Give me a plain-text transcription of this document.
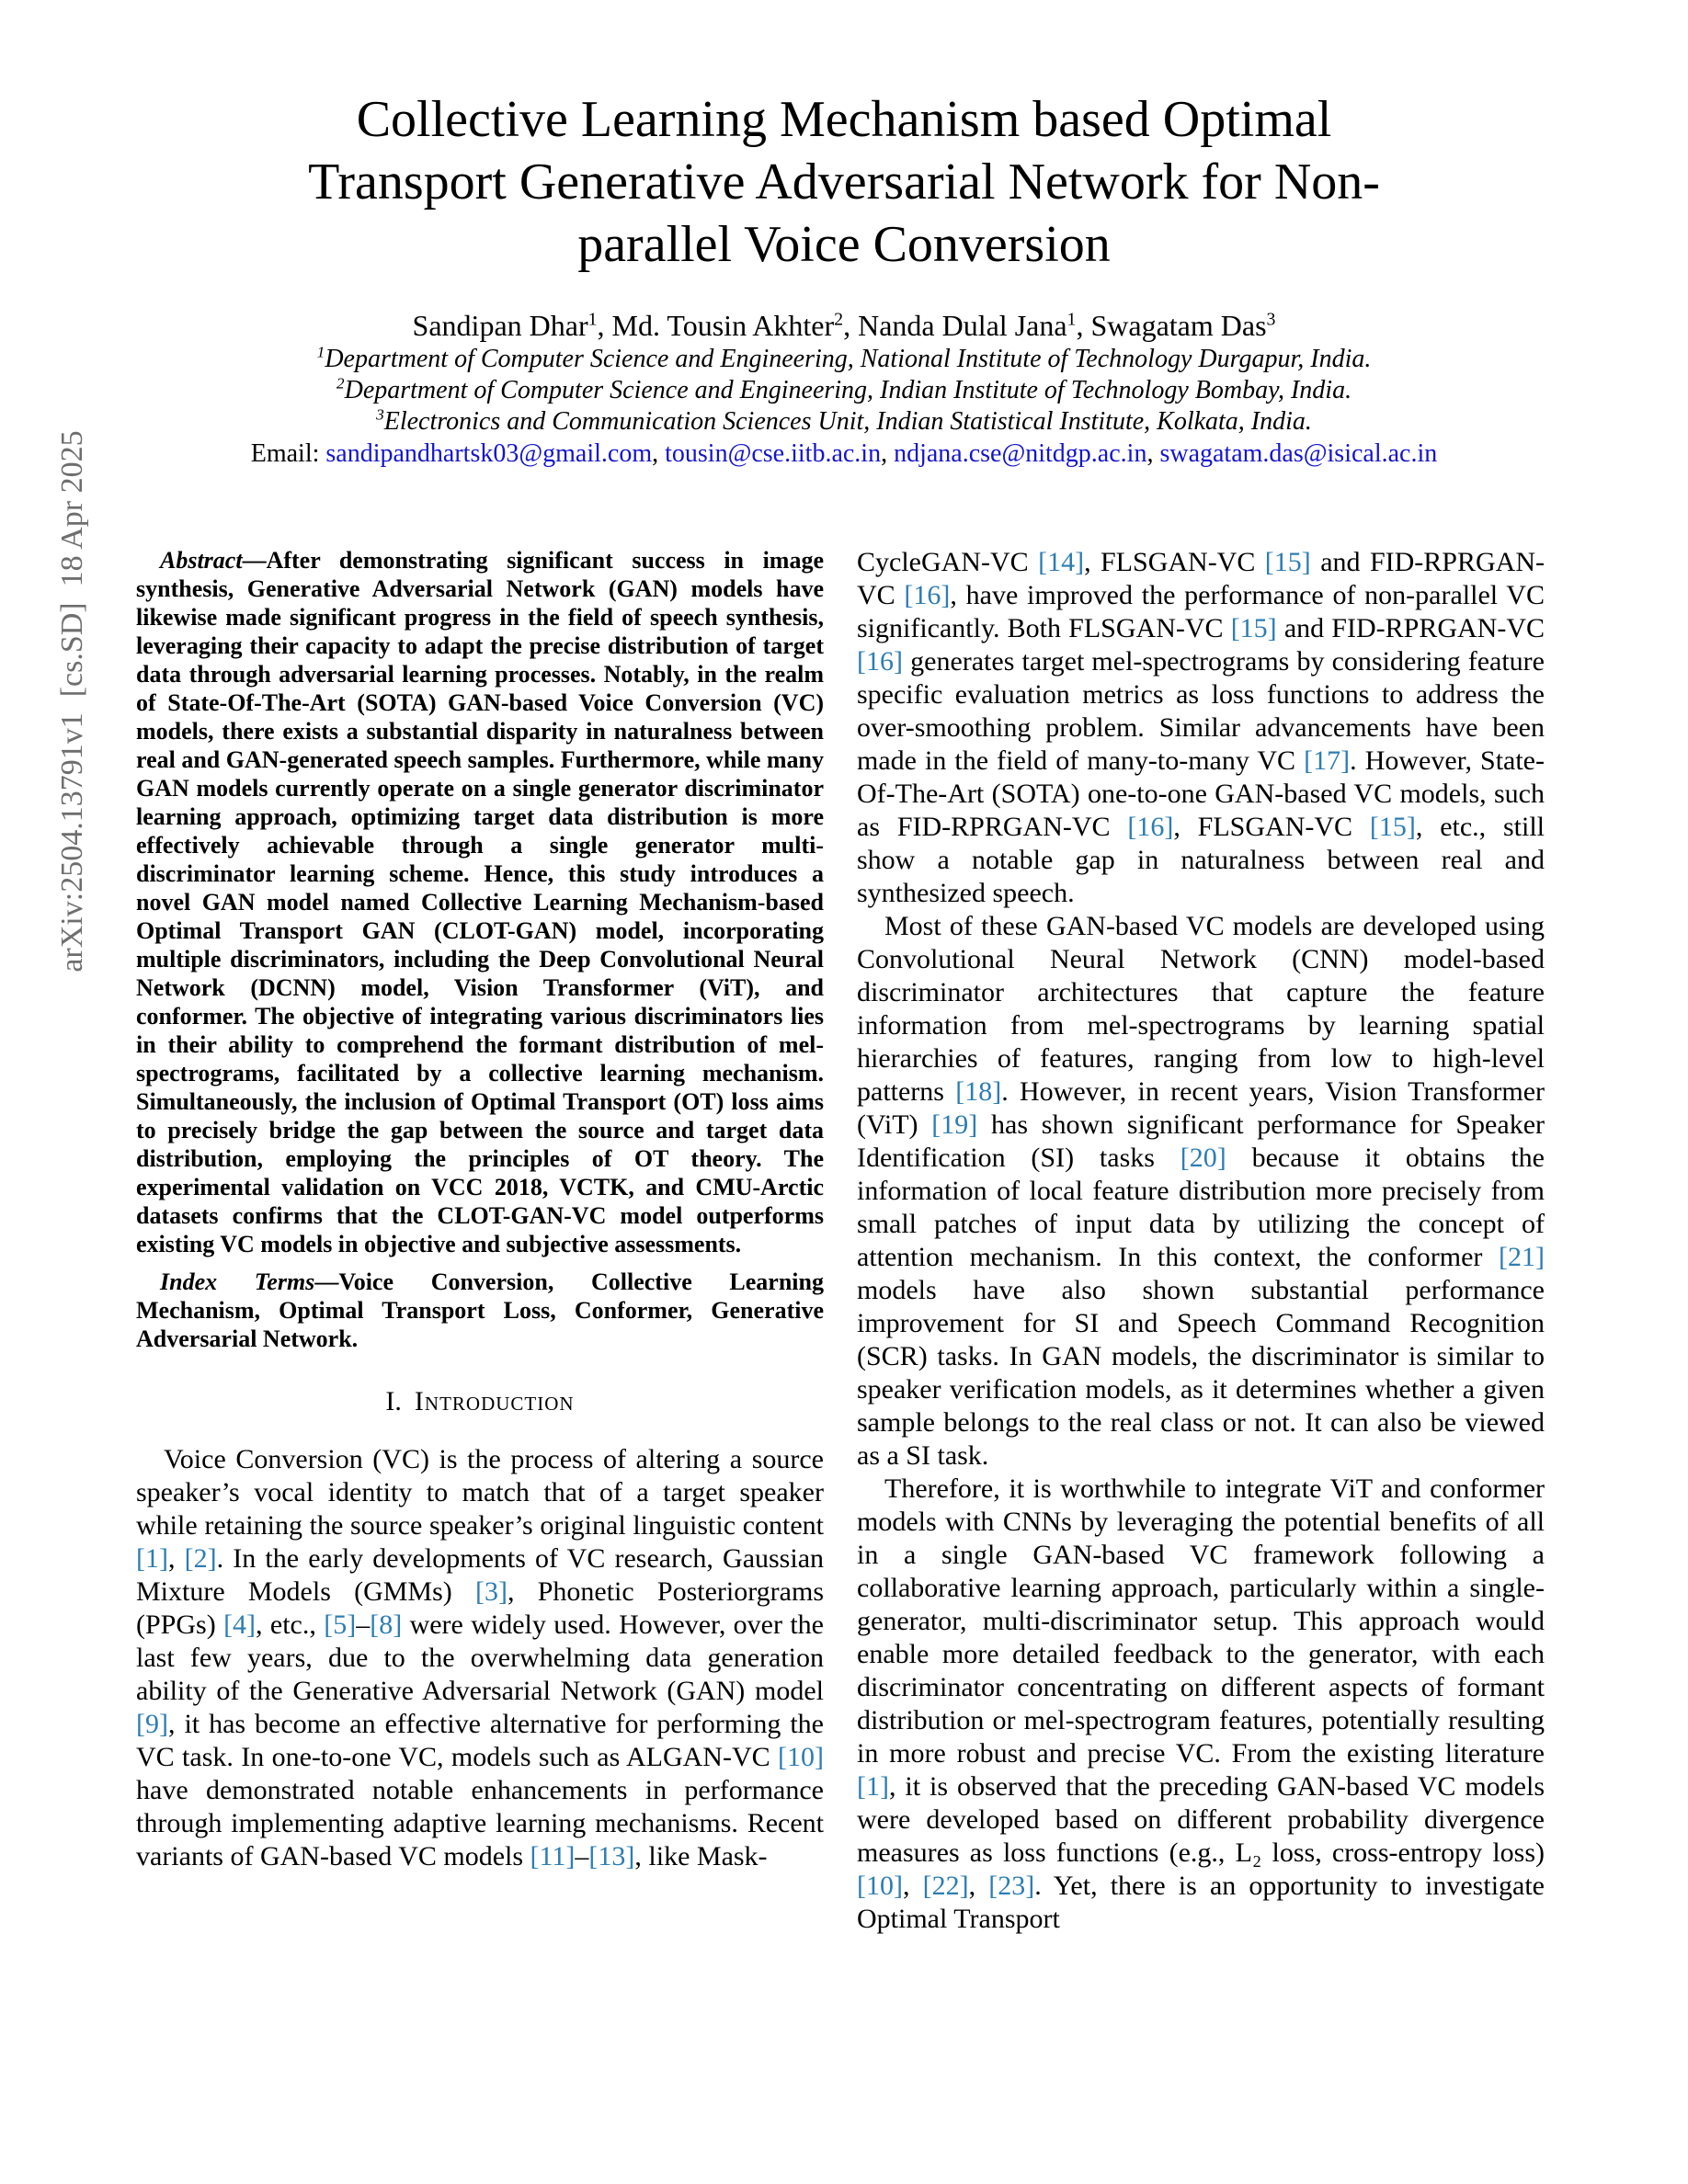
arXiv:2504.13791v1  [cs.SD]  18 Apr 2025
Collective Learning Mechanism based Optimal Transport Generative Adversarial Network for Non-parallel Voice Conversion
Sandipan Dhar$^1$, Md. Tousin Akhter$^2$, Nanda Dulal Jana$^1$, Swagatam Das$^3$
$^1$Department of Computer Science and Engineering, National Institute of Technology Durgapur, India.
$^2$Department of Computer Science and Engineering, Indian Institute of Technology Bombay, India.
$^3$Electronics and Communication Sciences Unit, Indian Statistical Institute, Kolkata, India.
Email: sandipandhartsk03@gmail.com, tousin@cse.iitb.ac.in, ndjana.cse@nitdgp.ac.in, swagatam.das@isical.ac.in

Abstract—After demonstrating significant success in image synthesis, Generative Adversarial Network (GAN) models have likewise made significant progress in the field of speech synthesis, leveraging their capacity to adapt the precise distribution of target data through adversarial learning processes. Notably, in the realm of State-Of-The-Art (SOTA) GAN-based Voice Conversion (VC) models, there exists a substantial disparity in naturalness between real and GAN-generated speech samples. Furthermore, while many GAN models currently operate on a single generator discriminator learning approach, optimizing target data distribution is more effectively achievable through a single generator multi-discriminator learning scheme. Hence, this study introduces a novel GAN model named Collective Learning Mechanism-based Optimal Transport GAN (CLOT-GAN) model, incorporating multiple discriminators, including the Deep Convolutional Neural Network (DCNN) model, Vision Transformer (ViT), and conformer. The objective of integrating various discriminators lies in their ability to comprehend the formant distribution of mel-spectrograms, facilitated by a collective learning mechanism. Simultaneously, the inclusion of Optimal Transport (OT) loss aims to precisely bridge the gap between the source and target data distribution, employing the principles of OT theory. The experimental validation on VCC 2018, VCTK, and CMU-Arctic datasets confirms that the CLOT-GAN-VC model outperforms existing VC models in objective and subjective assessments.

Index Terms—Voice Conversion, Collective Learning Mechanism, Optimal Transport Loss, Conformer, Generative Adversarial Network.

I. Introduction

Voice Conversion (VC) is the process of altering a source speaker’s vocal identity to match that of a target speaker while retaining the source speaker’s original linguistic content [1], [2]. In the early developments of VC research, Gaussian Mixture Models (GMMs) [3], Phonetic Posteriorgrams (PPGs) [4], etc., [5]–[8] were widely used. However, over the last few years, due to the overwhelming data generation ability of the Generative Adversarial Network (GAN) model [9], it has become an effective alternative for performing the VC task. In one-to-one VC, models such as ALGAN-VC [10] have demonstrated notable enhancements in performance through implementing adaptive learning mechanisms. Recent variants of GAN-based VC models [11]–[13], like Mask-

CycleGAN-VC [14], FLSGAN-VC [15] and FID-RPRGAN-VC [16], have improved the performance of non-parallel VC significantly. Both FLSGAN-VC [15] and FID-RPRGAN-VC [16] generates target mel-spectrograms by considering feature specific evaluation metrics as loss functions to address the over-smoothing problem. Similar advancements have been made in the field of many-to-many VC [17]. However, State-Of-The-Art (SOTA) one-to-one GAN-based VC models, such as FID-RPRGAN-VC [16], FLSGAN-VC [15], etc., still show a notable gap in naturalness between real and synthesized speech.

Most of these GAN-based VC models are developed using Convolutional Neural Network (CNN) model-based discriminator architectures that capture the feature information from mel-spectrograms by learning spatial hierarchies of features, ranging from low to high-level patterns [18]. However, in recent years, Vision Transformer (ViT) [19] has shown significant performance for Speaker Identification (SI) tasks [20] because it obtains the information of local feature distribution more precisely from small patches of input data by utilizing the concept of attention mechanism. In this context, the conformer [21] models have also shown substantial performance improvement for SI and Speech Command Recognition (SCR) tasks. In GAN models, the discriminator is similar to speaker verification models, as it determines whether a given sample belongs to the real class or not. It can also be viewed as a SI task.

Therefore, it is worthwhile to integrate ViT and conformer models with CNNs by leveraging the potential benefits of all in a single GAN-based VC framework following a collaborative learning approach, particularly within a single-generator, multi-discriminator setup. This approach would enable more detailed feedback to the generator, with each discriminator concentrating on different aspects of formant distribution or mel-spectrogram features, potentially resulting in more robust and precise VC. From the existing literature [1], it is observed that the preceding GAN-based VC models were developed based on different probability divergence measures as loss functions (e.g., L₂ loss, cross-entropy loss) [10], [22], [23]. Yet, there is an opportunity to investigate Optimal Transport
